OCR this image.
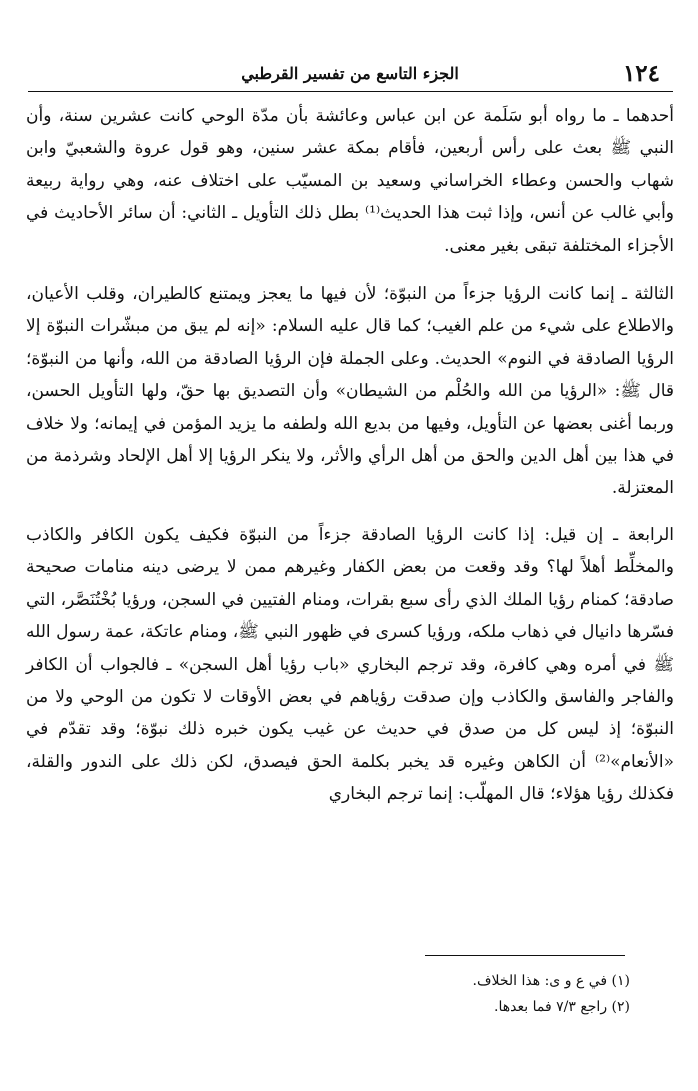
١٢٤
الجزء التاسع من تفسير القرطبي

أحدهما ـ ما رواه أبو سَلَمة عن ابن عباس وعائشة بأن مدّة الوحي كانت عشرين سنة، وأن النبي ﷺ بعث على رأس أربعين، فأقام بمكة عشر سنين، وهو قول عروة والشعبيّ وابن شهاب والحسن وعطاء الخراساني وسعيد بن المسيّب على اختلاف عنه، وهي رواية ربيعة وأبي غالب عن أنس، وإذا ثبت هذا الحديث⁽¹⁾ بطل ذلك التأويل ـ الثاني: أن سائر الأحاديث في الأجزاء المختلفة تبقى بغير معنى.

الثالثة ـ إنما كانت الرؤيا جزءاً من النبوّة؛ لأن فيها ما يعجز ويمتنع كالطيران، وقلب الأعيان، والاطلاع على شيء من علم الغيب؛ كما قال عليه السلام: «إنه لم يبق من مبشّرات النبوّة إلا الرؤيا الصادقة في النوم» الحديث. وعلى الجملة فإن الرؤيا الصادقة من الله، وأنها من النبوّة؛ قال ﷺ: «الرؤيا من الله والحُلْم من الشيطان» وأن التصديق بها حقّ، ولها التأويل الحسن، وربما أغنى بعضها عن التأويل، وفيها من بديع الله ولطفه ما يزيد المؤمن في إيمانه؛ ولا خلاف في هذا بين أهل الدين والحق من أهل الرأي والأثر، ولا ينكر الرؤيا إلا أهل الإلحاد وشرذمة من المعتزلة.

الرابعة ـ إن قيل: إذا كانت الرؤيا الصادقة جزءاً من النبوّة فكيف يكون الكافر والكاذب والمخلِّط أهلاً لها؟ وقد وقعت من بعض الكفار وغيرهم ممن لا يرضى دينه منامات صحيحة صادقة؛ كمنام رؤيا الملك الذي رأى سبع بقرات، ومنام الفتيين في السجن، ورؤيا بُخْتُنَصَّر، التي فسّرها دانيال في ذهاب ملكه، ورؤيا كسرى في ظهور النبي ﷺ، ومنام عاتكة، عمة رسول الله ﷺ في أمره وهي كافرة، وقد ترجم البخاري «باب رؤيا أهل السجن» ـ فالجواب أن الكافر والفاجر والفاسق والكاذب وإن صدقت رؤياهم في بعض الأوقات لا تكون من الوحي ولا من النبوّة؛ إذ ليس كل من صدق في حديث عن غيب يكون خبره ذلك نبوّة؛ وقد تقدّم في «الأنعام»⁽²⁾ أن الكاهن وغيره قد يخبر بكلمة الحق فيصدق، لكن ذلك على الندور والقلة، فكذلك رؤيا هؤلاء؛ قال المهلّب: إنما ترجم البخاري

(١) في ع و ى: هذا الخلاف.

(٢) راجع ٧/٣ فما بعدها.
